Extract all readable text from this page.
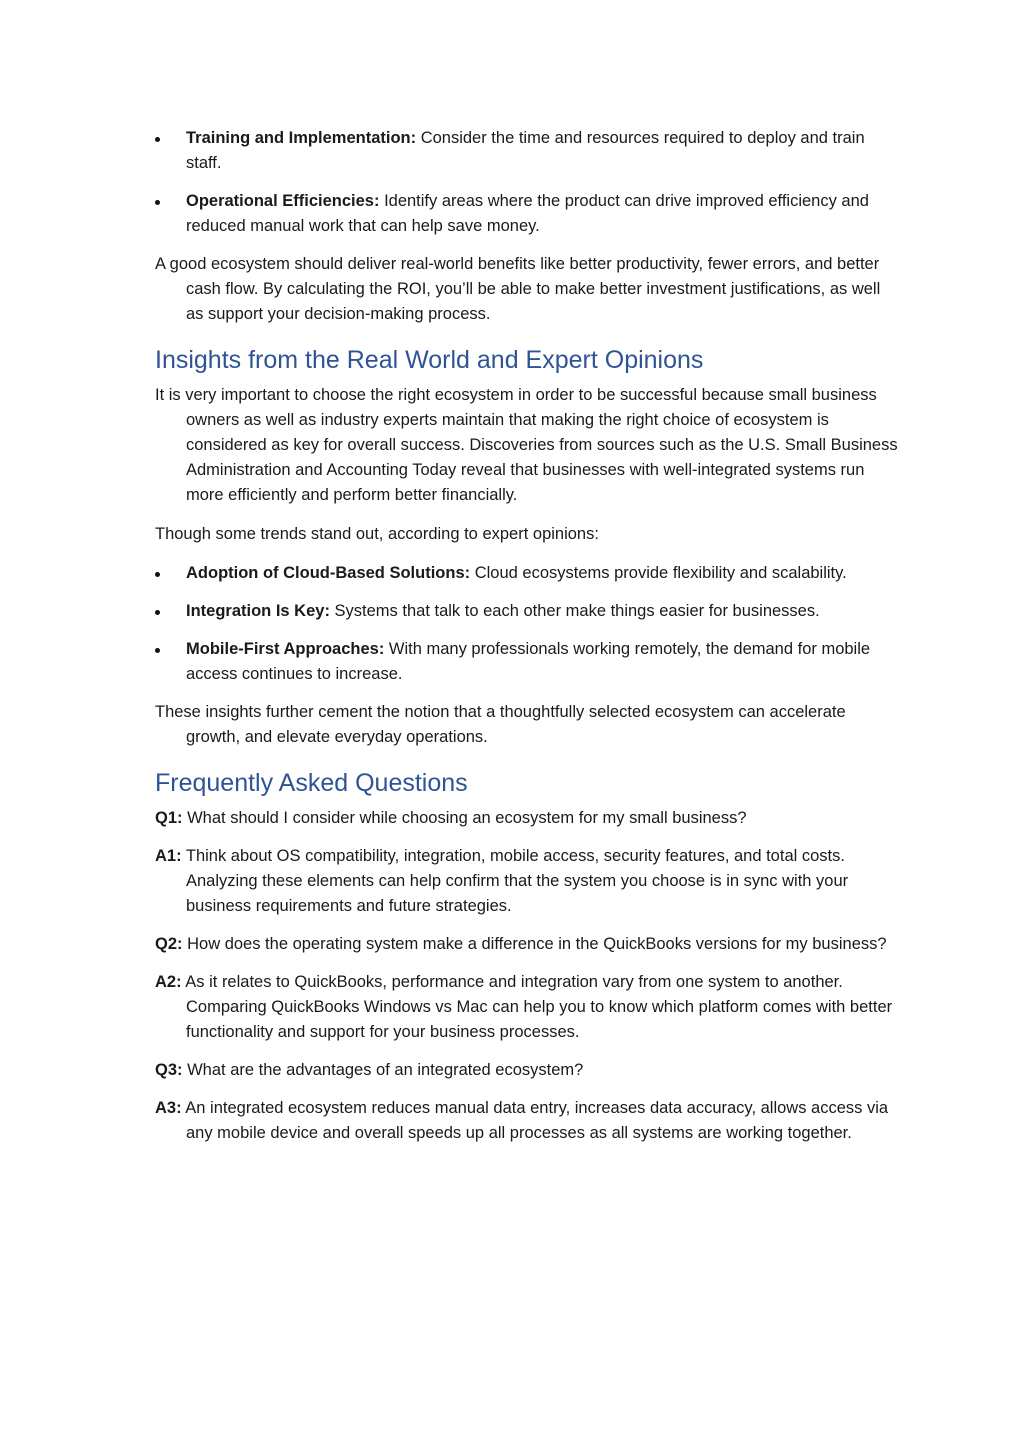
Training and Implementation: Consider the time and resources required to deploy and train staff.
Operational Efficiencies: Identify areas where the product can drive improved efficiency and reduced manual work that can help save money.

A good ecosystem should deliver real-world benefits like better productivity, fewer errors, and better cash flow. By calculating the ROI, you’ll be able to make better investment justifications, as well as support your decision-making process.

Insights from the Real World and Expert Opinions

It is very important to choose the right ecosystem in order to be successful because small business owners as well as industry experts maintain that making the right choice of ecosystem is considered as key for overall success. Discoveries from sources such as the U.S. Small Business Administration and Accounting Today reveal that businesses with well-integrated systems run more efficiently and perform better financially.

Though some trends stand out, according to expert opinions:

Adoption of Cloud-Based Solutions: Cloud ecosystems provide flexibility and scalability.
Integration Is Key: Systems that talk to each other make things easier for businesses.
Mobile-First Approaches: With many professionals working remotely, the demand for mobile access continues to increase.

These insights further cement the notion that a thoughtfully selected ecosystem can accelerate growth, and elevate everyday operations.

Frequently Asked Questions

Q1: What should I consider while choosing an ecosystem for my small business?

A1: Think about OS compatibility, integration, mobile access, security features, and total costs. Analyzing these elements can help confirm that the system you choose is in sync with your business requirements and future strategies.

Q2: How does the operating system make a difference in the QuickBooks versions for my business?

A2: As it relates to QuickBooks, performance and integration vary from one system to another. Comparing QuickBooks Windows vs Mac can help you to know which platform comes with better functionality and support for your business processes.

Q3: What are the advantages of an integrated ecosystem?

A3: An integrated ecosystem reduces manual data entry, increases data accuracy, allows access via any mobile device and overall speeds up all processes as all systems are working together.
